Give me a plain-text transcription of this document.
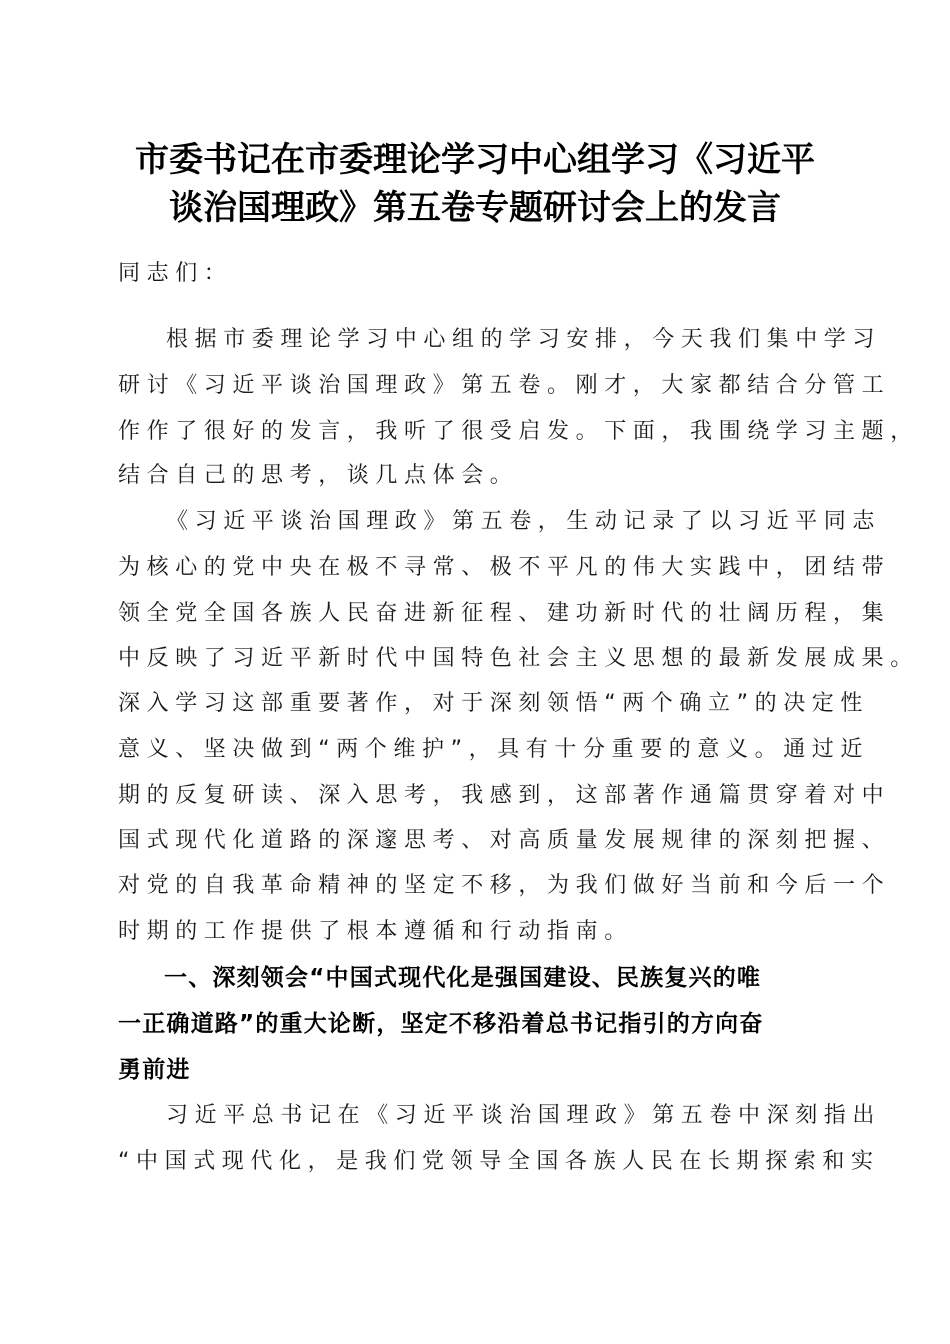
市委书记在市委理论学习中心组学习《习近平
谈治国理政》第五卷专题研讨会上的发言
同志们：
根据市委理论学习中心组的学习安排，今天我们集中学习
研讨《习近平谈治国理政》第五卷。刚才，大家都结合分管工
作作了很好的发言，我听了很受启发。下面，我围绕学习主题，
结合自己的思考，谈几点体会。
《习近平谈治国理政》第五卷，生动记录了以习近平同志
为核心的党中央在极不寻常、极不平凡的伟大实践中，团结带
领全党全国各族人民奋进新征程、建功新时代的壮阔历程，集
中反映了习近平新时代中国特色社会主义思想的最新发展成果。
深入学习这部重要著作，对于深刻领悟“两个确立”的决定性
意义、坚决做到“两个维护”，具有十分重要的意义。通过近
期的反复研读、深入思考，我感到，这部著作通篇贯穿着对中
国式现代化道路的深邃思考、对高质量发展规律的深刻把握、
对党的自我革命精神的坚定不移，为我们做好当前和今后一个
时期的工作提供了根本遵循和行动指南。
一、深刻领会“中国式现代化是强国建设、民族复兴的唯
一正确道路”的重大论断，坚定不移沿着总书记指引的方向奋
勇前进
习近平总书记在《习近平谈治国理政》第五卷中深刻指出
“中国式现代化，是我们党领导全国各族人民在长期探索和实
